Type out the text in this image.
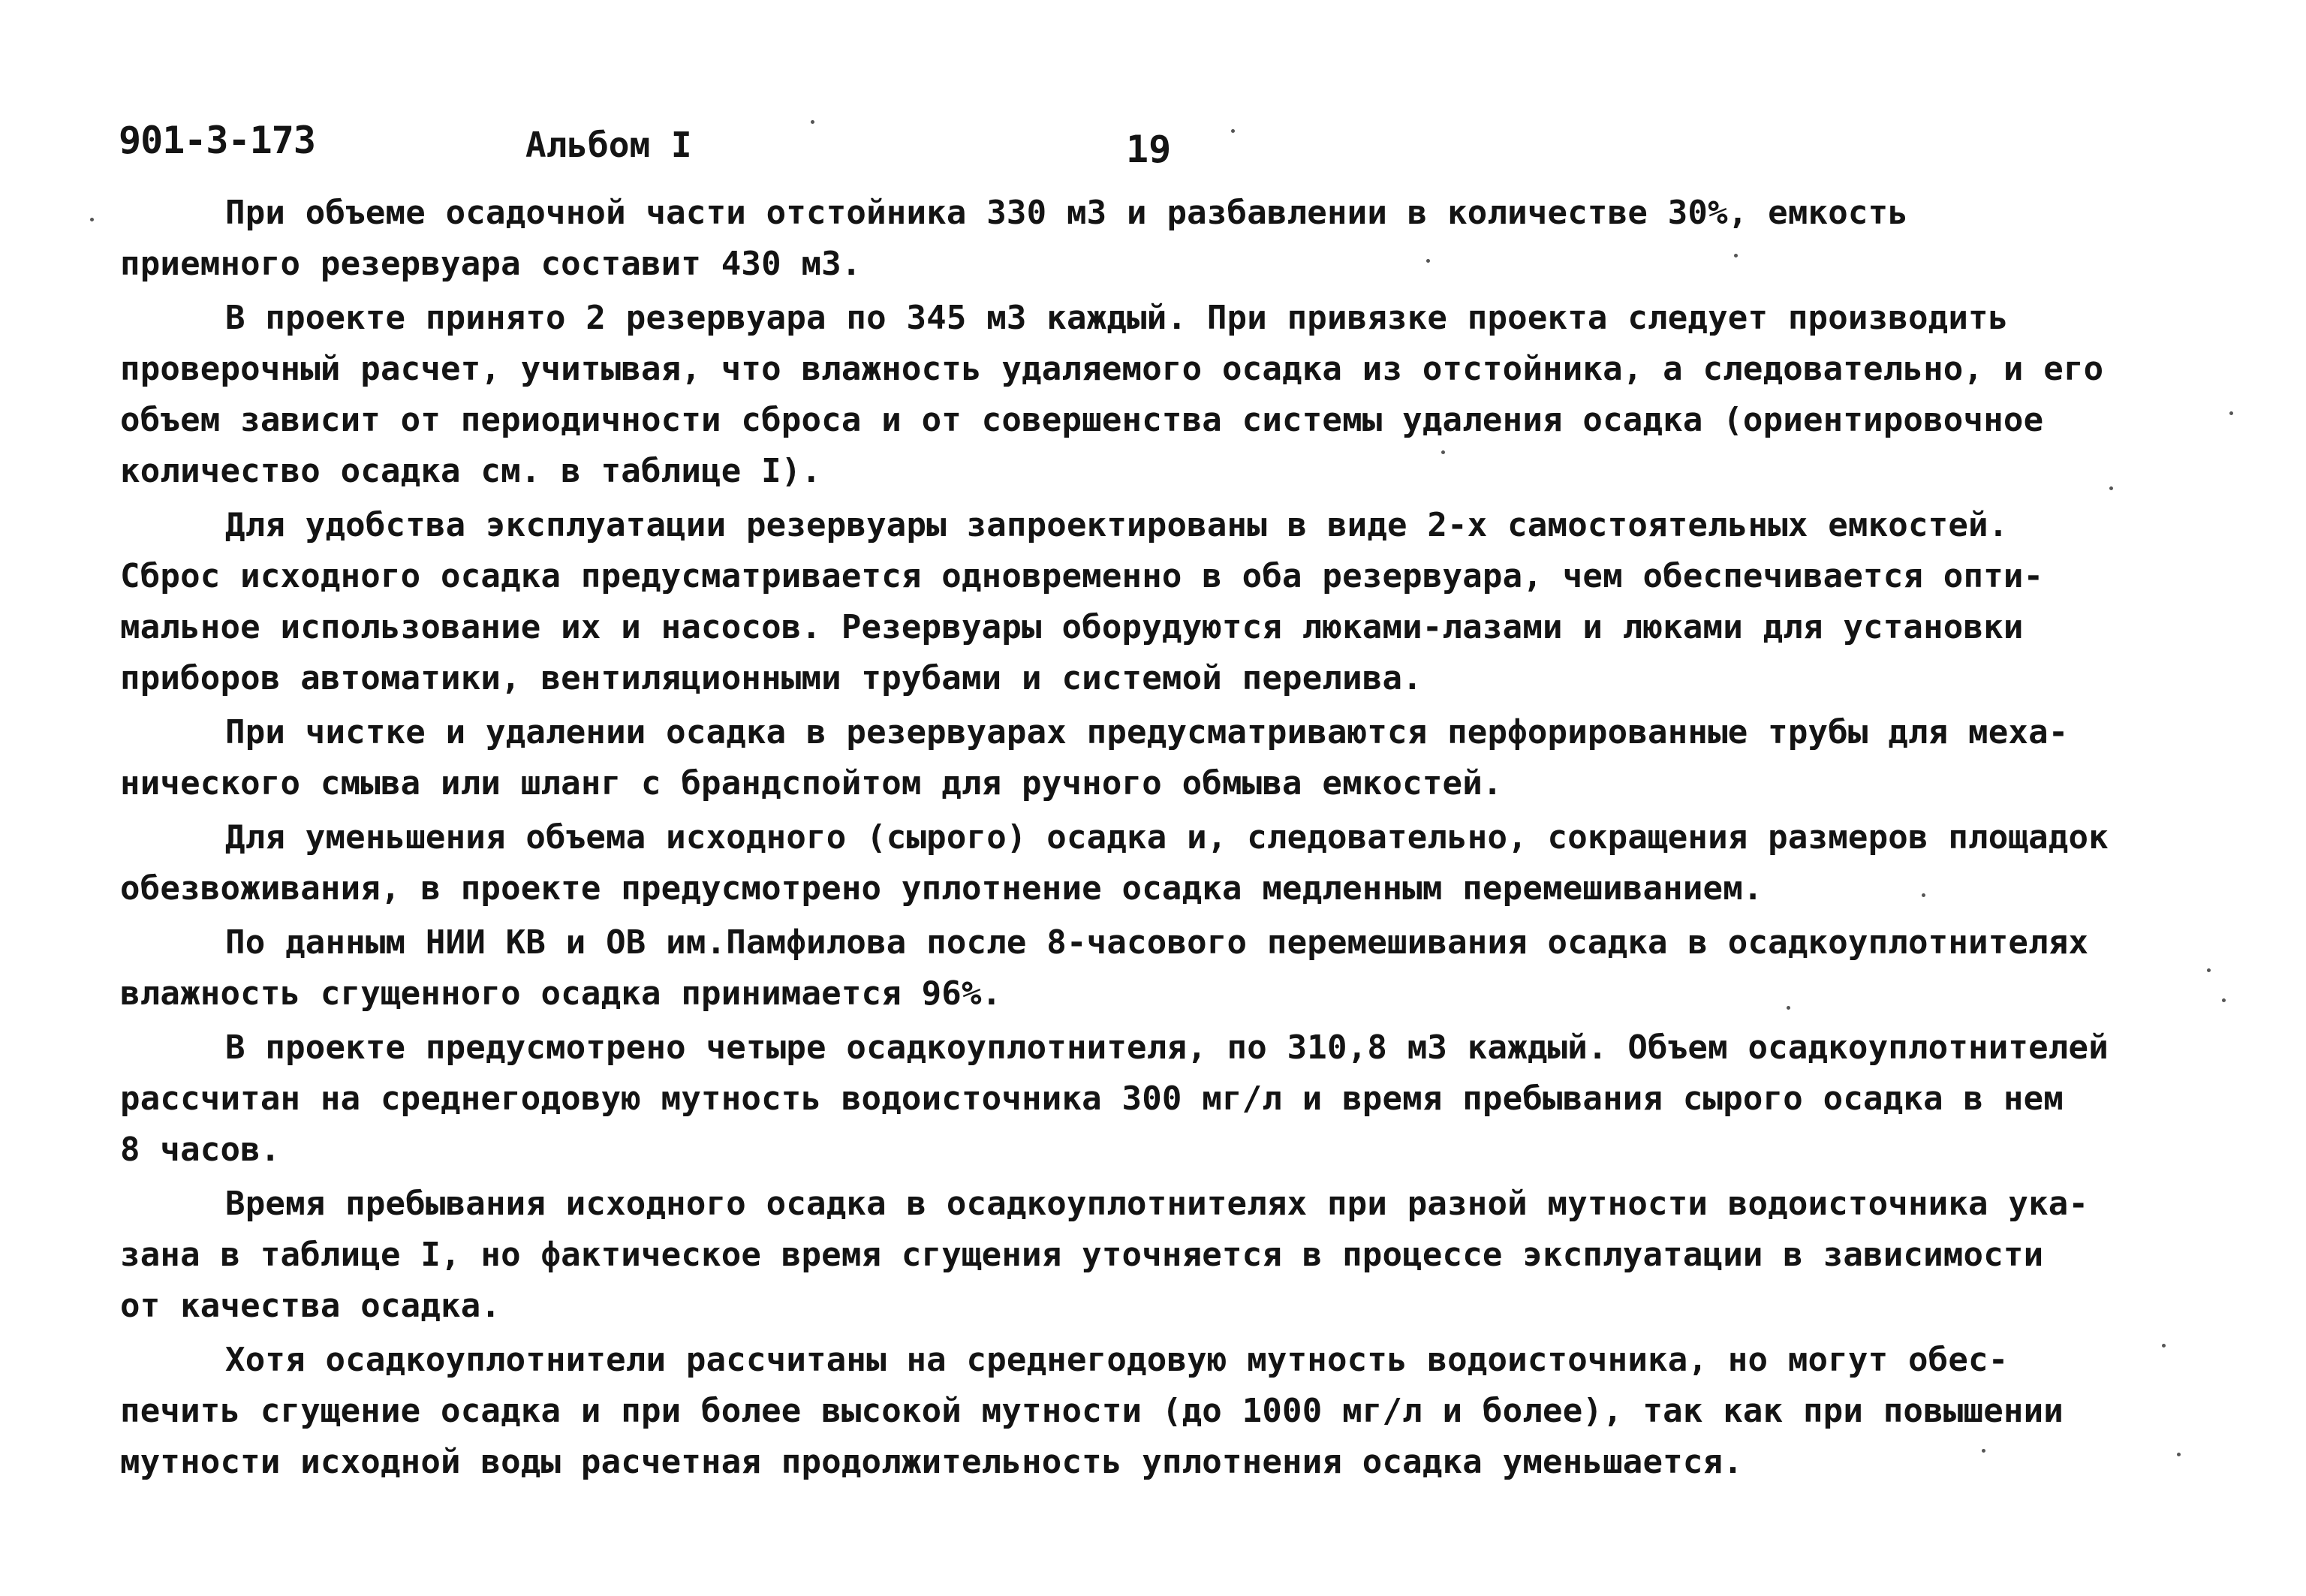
901-3-173	Альбом I	19
При объеме осадочной части отстойника 330 м3 и разбавлении в количестве 30%, емкость
приемного резервуара составит 430 м3.
В проекте принято 2 резервуара по 345 м3 каждый. При привязке проекта следует производить
проверочный расчет, учитывая, что влажность удаляемого осадка из отстойника, а следовательно, и его
объем зависит от периодичности сброса и от совершенства системы удаления осадка (ориентировочное
количество осадка см. в таблице I).
Для удобства эксплуатации резервуары запроектированы в виде 2-х самостоятельных емкостей.
Сброс исходного осадка предусматривается одновременно в оба резервуара, чем обеспечивается опти-
мальное использование их и насосов. Резервуары оборудуются люками-лазами и люками для установки
приборов автоматики, вентиляционными трубами и системой перелива.
При чистке и удалении осадка в резервуарах предусматриваются перфорированные трубы для меха-
нического смыва или шланг с брандспойтом для ручного обмыва емкостей.
Для уменьшения объема исходного (сырого) осадка и, следовательно, сокращения размеров площадок
обезвоживания, в проекте предусмотрено уплотнение осадка медленным перемешиванием.
По данным НИИ КВ и ОВ им.Памфилова после 8-часового перемешивания осадка в осадкоуплотнителях
влажность сгущенного осадка принимается 96%.
В проекте предусмотрено четыре осадкоуплотнителя, по 310,8 м3 каждый. Объем осадкоуплотнителей
рассчитан на среднегодовую мутность водоисточника 300 мг/л и время пребывания сырого осадка в нем
8 часов.
Время пребывания исходного осадка в осадкоуплотнителях при разной мутности водоисточника ука-
зана в таблице I, но фактическое время сгущения уточняется в процессе эксплуатации в зависимости
от качества осадка.
Хотя осадкоуплотнители рассчитаны на среднегодовую мутность водоисточника, но могут обес-
печить сгущение осадка и при более высокой мутности (до 1000 мг/л и более), так как при повышении
мутности исходной воды расчетная продолжительность уплотнения осадка уменьшается.
